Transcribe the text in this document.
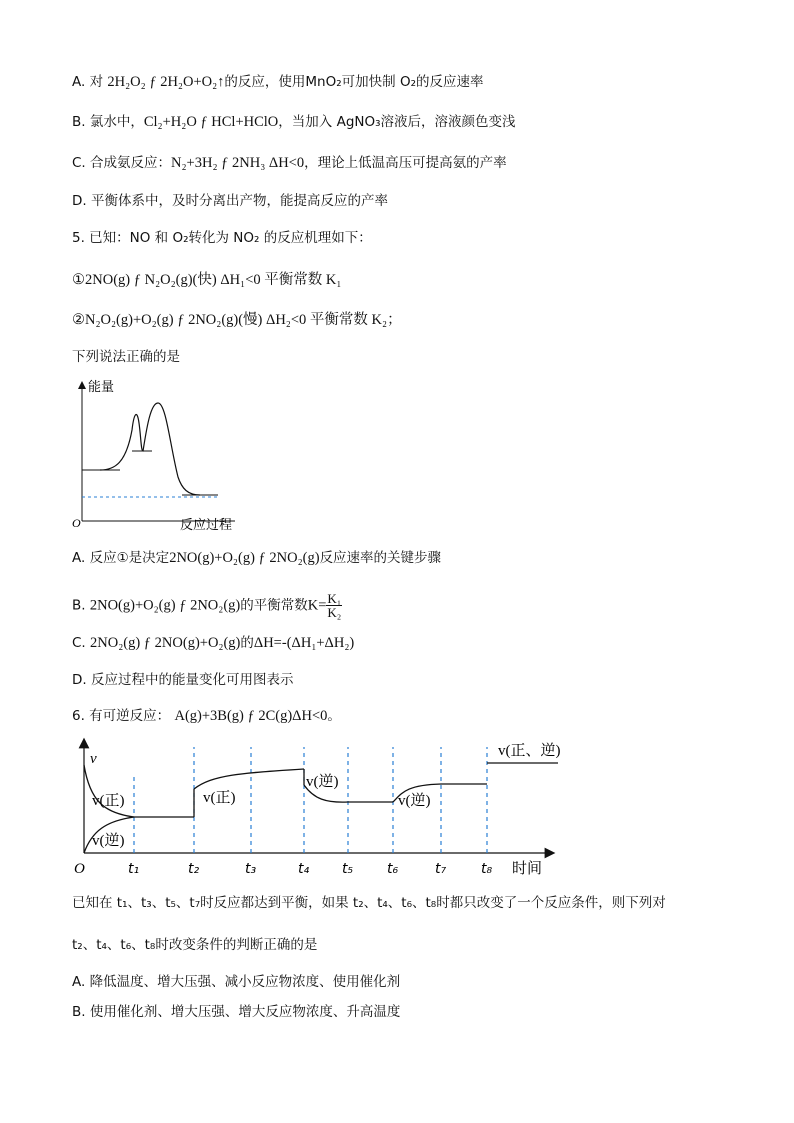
A. 对 2H₂O₂ ƒ 2H₂O+O₂↑的反应，使用MnO₂可加快制 O₂的反应速率
B. 氯水中，Cl₂+H₂O ƒ HCl+HClO，当加入 AgNO₃溶液后，溶液颜色变浅
C. 合成氨反应：N₂+3H₂ ƒ 2NH₃ ΔH<0，理论上低温高压可提高氨的产率
D. 平衡体系中，及时分离出产物，能提高反应的产率
5. 已知：NO 和 O₂转化为 NO₂ 的反应机理如下：
①2NO(g) ƒ N₂O₂(g)(快) ΔH₁<0 平衡常数 K₁
②N₂O₂(g)+O₂(g) ƒ 2NO₂(g)(慢) ΔH₂<0 平衡常数 K₂；
下列说法正确的是
能量
O	反应过程
A. 反应①是决定2NO(g)+O₂(g) ƒ 2NO₂(g)反应速率的关键步骤
B. 2NO(g)+O₂(g) ƒ 2NO₂(g)的平衡常数$K= \frac{\text{K₁}}{\text{K₂}}$
C. 2NO₂(g) ƒ 2NO(g)+O₂(g)的ΔH=-(ΔH₁+ΔH₂)
D. 反应过程中的能量变化可用图表示
6. 有可逆反应： A(g)+3B(g) ƒ 2C(g)ΔH<0。
v
O	时间
v(正)
v(逆)
v(正)
v(逆)
v(逆)
v(正、逆)
t₁	t₂	t₃	t₄ t₅ t₆	t₇ t₈
已知在 t₁、t₃、t₅、t₇时反应都达到平衡，如果 t₂、t₄、t₆、t₈时都只改变了一个反应条件，则下列对
t₂、t₄、t₆、t₈时改变条件的判断正确的是
A. 降低温度、增大压强、减小反应物浓度、使用催化剂
B. 使用催化剂、增大压强、增大反应物浓度、升高温度
